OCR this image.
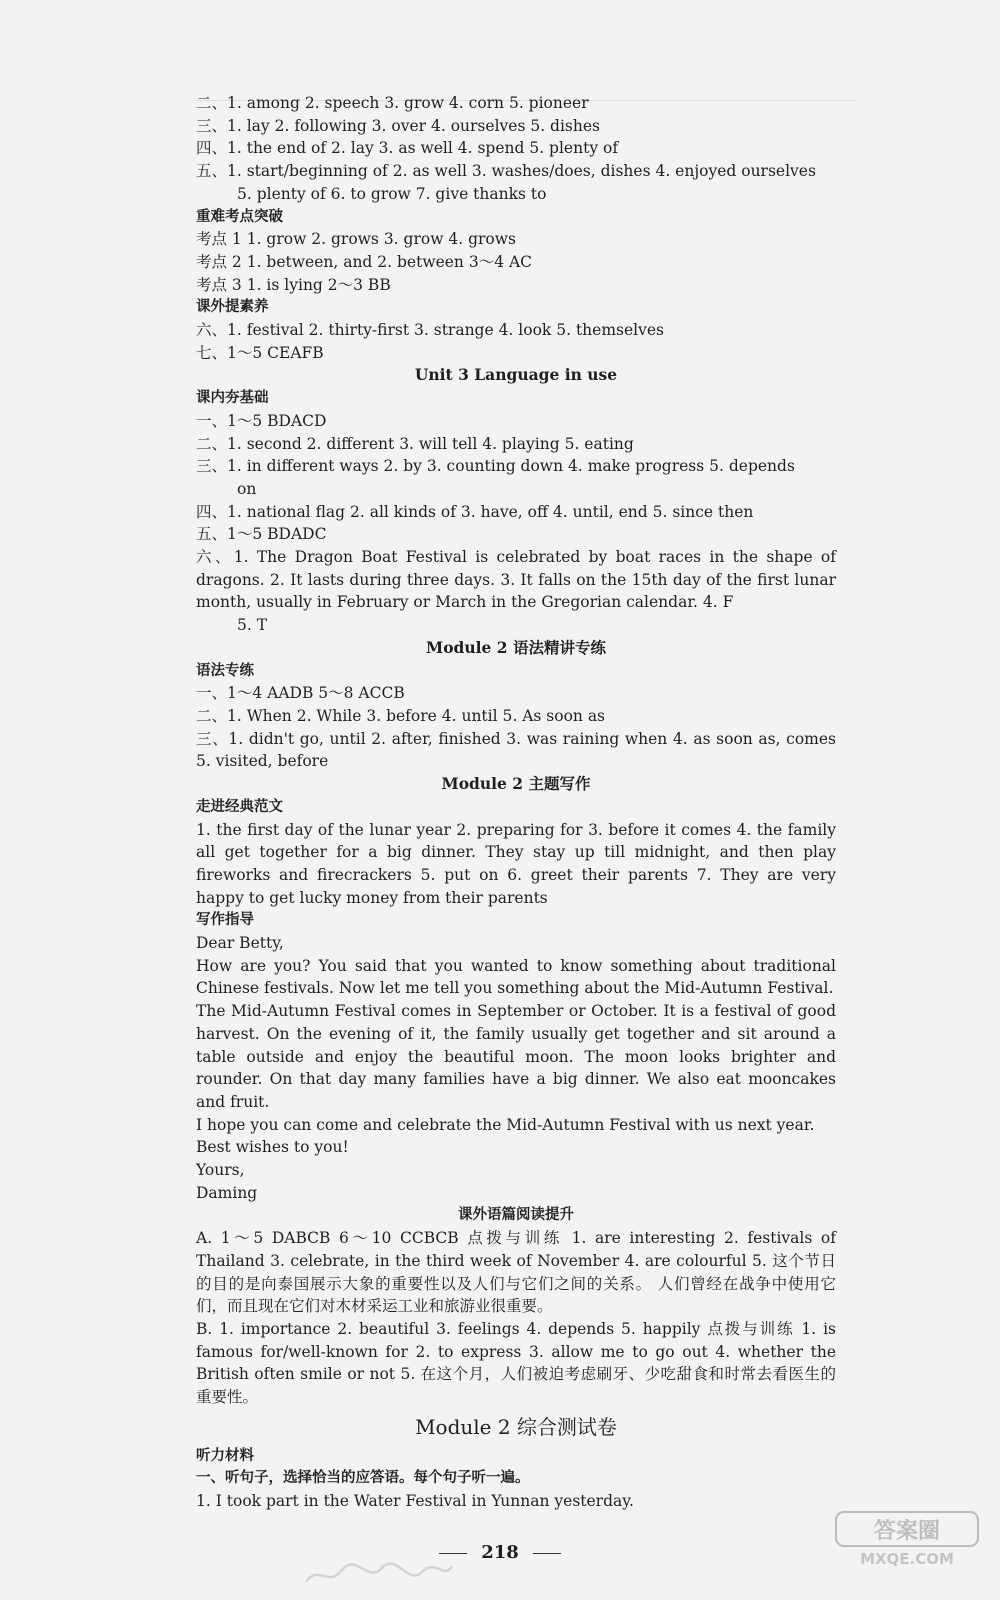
二、1. among 2. speech 3. grow 4. corn 5. pioneer
三、1. lay 2. following 3. over 4. ourselves 5. dishes
四、1. the end of 2. lay 3. as well 4. spend 5. plenty of
五、1. start/beginning of 2. as well 3. washes/does, dishes 4. enjoyed ourselves
5. plenty of 6. to grow 7. give thanks to
重难考点突破
考点 1 1. grow 2. grows 3. grow 4. grows
考点 2 1. between, and 2. between 3～4 AC
考点 3 1. is lying 2～3 BB
课外提素养
六、1. festival 2. thirty-first 3. strange 4. look 5. themselves
七、1～5 CEAFB
Unit 3 Language in use
课内夯基础
一、1～5 BDACD
二、1. second 2. different 3. will tell 4. playing 5. eating
三、1. in different ways 2. by 3. counting down 4. make progress 5. depends
on
四、1. national flag 2. all kinds of 3. have, off 4. until, end 5. since then
五、1～5 BDADC
六、1. The Dragon Boat Festival is celebrated by boat races in the shape of dragons. 2. It lasts during three days. 3. It falls on the 15th day of the first lunar month, usually in February or March in the Gregorian calendar. 4. F
5. T
Module 2 语法精讲专练
语法专练
一、1～4 AADB 5～8 ACCB
二、1. When 2. While 3. before 4. until 5. As soon as
三、1. didn't go, until 2. after, finished 3. was raining when 4. as soon as, comes 5. visited, before
Module 2 主题写作
走进经典范文
1. the first day of the lunar year 2. preparing for 3. before it comes 4. the family all get together for a big dinner. They stay up till midnight, and then play fireworks and firecrackers 5. put on 6. greet their parents 7. They are very happy to get lucky money from their parents
写作指导
Dear Betty,
How are you? You said that you wanted to know something about traditional Chinese festivals. Now let me tell you something about the Mid-Autumn Festival.
The Mid-Autumn Festival comes in September or October. It is a festival of good harvest. On the evening of it, the family usually get together and sit around a table outside and enjoy the beautiful moon. The moon looks brighter and rounder. On that day many families have a big dinner. We also eat mooncakes and fruit.
I hope you can come and celebrate the Mid-Autumn Festival with us next year.
Best wishes to you!
Yours,
Daming
课外语篇阅读提升
A. 1～5 DABCB 6～10 CCBCB 点拨与训练 1. are interesting 2. festivals of Thailand 3. celebrate, in the third week of November 4. are colourful 5. 这个节日的目的是向泰国展示大象的重要性以及人们与它们之间的关系。 人们曾经在战争中使用它们，而且现在它们对木材采运工业和旅游业很重要。
B. 1. importance 2. beautiful 3. feelings 4. depends 5. happily 点拨与训练 1. is famous for/well-known for 2. to express 3. allow me to go out 4. whether the British often smile or not 5. 在这个月，人们被迫考虑刷牙、少吃甜食和时常去看医生的重要性。
Module 2 综合测试卷
听力材料
一、听句子，选择恰当的应答语。每个句子听一遍。
1. I took part in the Water Festival in Yunnan yesterday.
218
答案圈
MXQE.COM
